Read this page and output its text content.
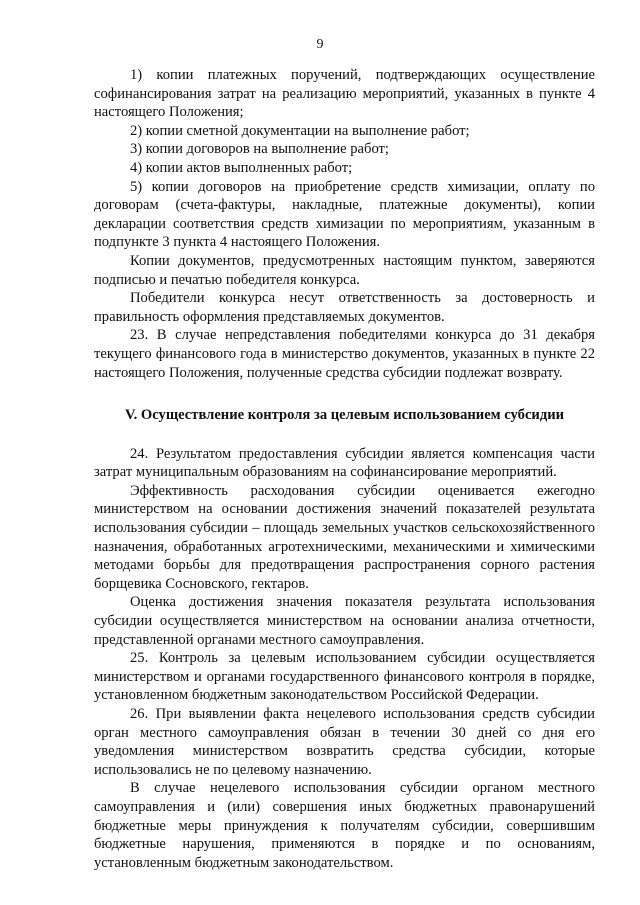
9

1) копии платежных поручений, подтверждающих осуществление софинансирования затрат на реализацию мероприятий, указанных в пункте 4 настоящего Положения;

2) копии сметной документации на выполнение работ;

3) копии договоров на выполнение работ;

4) копии актов выполненных работ;

5) копии договоров на приобретение средств химизации, оплату по договорам (счета-фактуры, накладные, платежные документы), копии декларации соответствия средств химизации по мероприятиям, указанным в подпункте 3 пункта 4 настоящего Положения.

Копии документов, предусмотренных настоящим пунктом, заверяются подписью и печатью победителя конкурса.

Победители конкурса несут ответственность за достоверность и правильность оформления представляемых документов.

23. В случае непредставления победителями конкурса до 31 декабря текущего финансового года в министерство документов, указанных в пункте 22 настоящего Положения, полученные средства субсидии подлежат возврату.

V. Осуществление контроля за целевым использованием субсидии

24. Результатом предоставления субсидии является компенсация части затрат муниципальным образованиям на софинансирование мероприятий.

Эффективность расходования субсидии оценивается ежегодно министерством на основании достижения значений показателей результата использования субсидии – площадь земельных участков сельскохозяйственного назначения, обработанных агротехническими, механическими и химическими методами борьбы для предотвращения распространения сорного растения борщевика Сосновского, гектаров.

Оценка достижения значения показателя результата использования субсидии осуществляется министерством на основании анализа отчетности, представленной органами местного самоуправления.

25. Контроль за целевым использованием субсидии осуществляется министерством и органами государственного финансового контроля в порядке, установленном бюджетным законодательством Российской Федерации.

26. При выявлении факта нецелевого использования средств субсидии орган местного самоуправления обязан в течении 30 дней со дня его уведомления министерством возвратить средства субсидии, которые использовались не по целевому назначению.

В случае нецелевого использования субсидии органом местного самоуправления и (или) совершения иных бюджетных правонарушений бюджетные меры принуждения к получателям субсидии, совершившим бюджетные нарушения, применяются в порядке и по основаниям, установленным бюджетным законодательством.
